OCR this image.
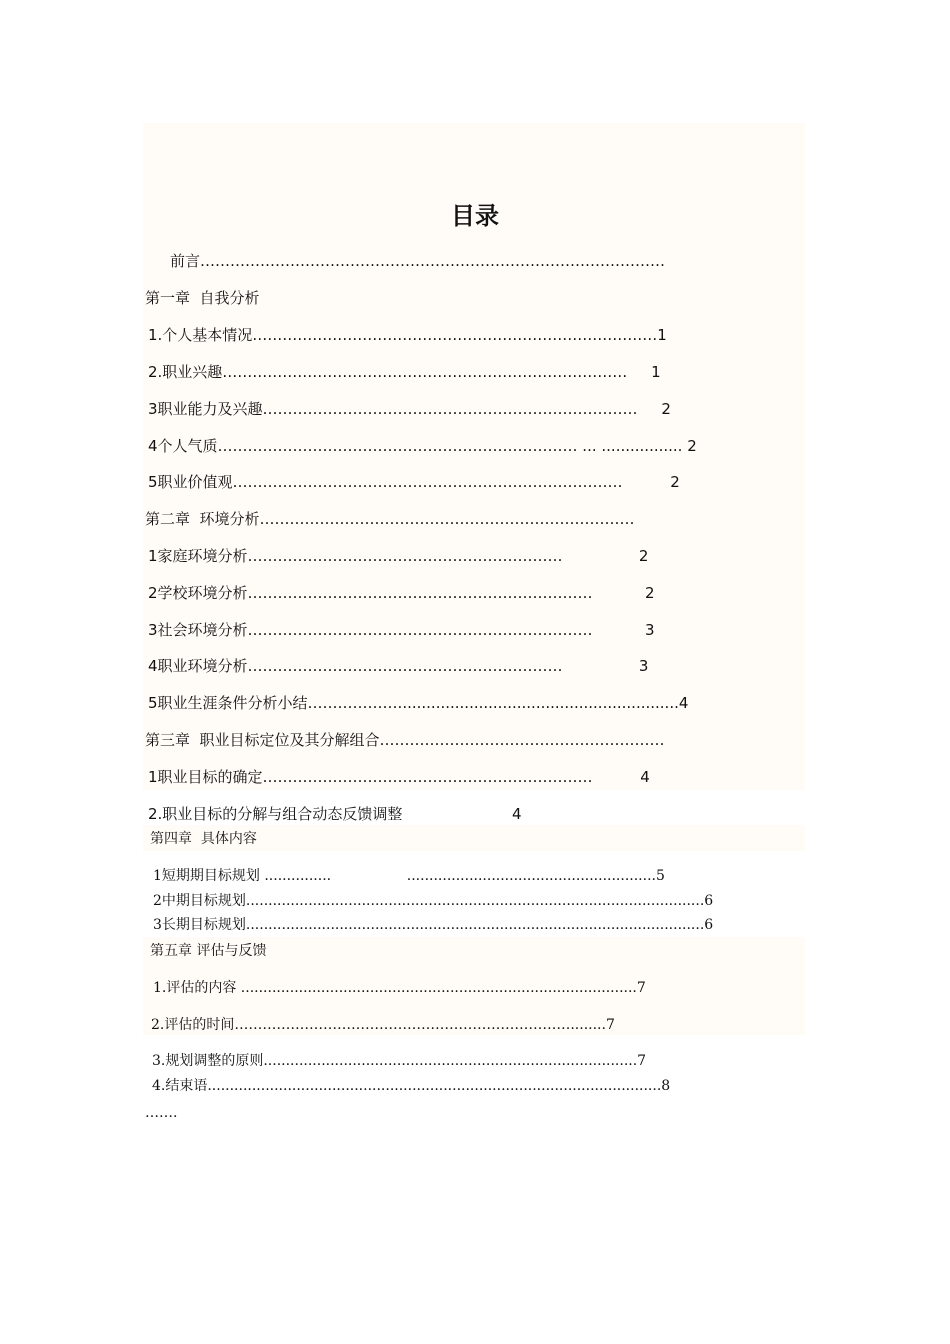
目录
前言…………………………………………………………………………………
第一章  自我分析
1.个人基本情况………………………………………………………………………1
2.职业兴趣………………………………………………………………………     1
3职业能力及兴趣…………………………………………………………………     2
4个人气质……………………………………………………………… ... ................. 2
5职业价值观……………………………………………………………………          2
第二章  环境分析…………………………………………………………………
1家庭环境分析………………………………………………………                2
2学校环境分析……………………………………………………………           2
3社会环境分析……………………………………………………………           3
4职业环境分析………………………………………………………                3
5职业生涯条件分析小结………………...........................................................4
第三章  职业目标定位及其分解组合…………………………………………………
1职业目标的确定…………………………………………………………          4
2.职业目标的分解与组合动态反馈调整                       4
第四章  具体内容
1短期期目标规划 ...............                 ........................................................5
2中期目标规划.......................................................................................................6
3长期目标规划.......................................................................................................6
第五章 评估与反馈
1.评估的内容 .........................................................................................7
2.评估的时间………………………………………………………………........7
3.规划调整的原则....................................................................................7
4.结束语......................................................................................................8
…….
